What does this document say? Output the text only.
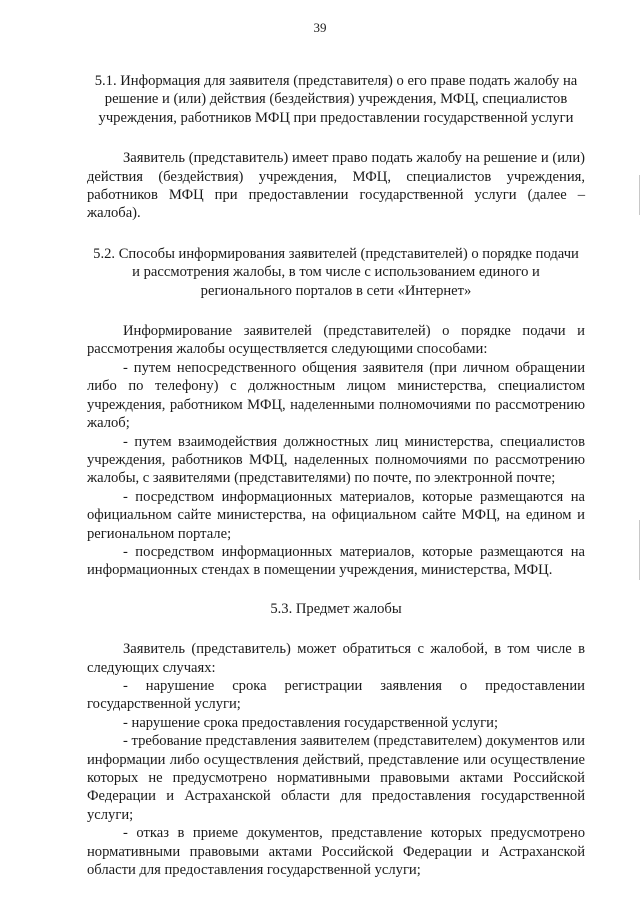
39

5.1. Информация для заявителя (представителя) о его праве подать жалобу на решение и (или) действия (бездействия) учреждения, МФЦ, специалистов учреждения, работников МФЦ при предоставлении государственной услуги

Заявитель (представитель) имеет право подать жалобу на решение и (или) действия (бездействия) учреждения, МФЦ, специалистов учреждения, работников МФЦ при предоставлении государственной услуги (далее – жалоба).

5.2. Способы информирования заявителей (представителей) о порядке подачи и рассмотрения жалобы, в том числе с использованием единого и регионального порталов в сети «Интернет»

Информирование заявителей (представителей) о порядке подачи и рассмотрения жалобы осуществляется следующими способами:

- путем непосредственного общения заявителя (при личном обращении либо по телефону) с должностным лицом министерства, специалистом учреждения, работником МФЦ, наделенными полномочиями по рассмотрению жалоб;

- путем взаимодействия должностных лиц министерства, специалистов учреждения, работников МФЦ, наделенных полномочиями по рассмотрению жалобы, с заявителями (представителями) по почте, по электронной почте;

- посредством информационных материалов, которые размещаются на официальном сайте министерства, на официальном сайте МФЦ, на едином и региональном портале;

- посредством информационных материалов, которые размещаются на информационных стендах в помещении учреждения, министерства, МФЦ.

5.3. Предмет жалобы

Заявитель (представитель) может обратиться с жалобой, в том числе в следующих случаях:

- нарушение срока регистрации заявления о предоставлении государственной услуги;

- нарушение срока предоставления государственной услуги;

- требование представления заявителем (представителем) документов или информации либо осуществления действий, представление или осуществление которых не предусмотрено нормативными правовыми актами Российской Федерации и Астраханской области для предоставления государственной услуги;

- отказ в приеме документов, представление которых предусмотрено нормативными правовыми актами Российской Федерации и Астраханской области для предоставления государственной услуги;
